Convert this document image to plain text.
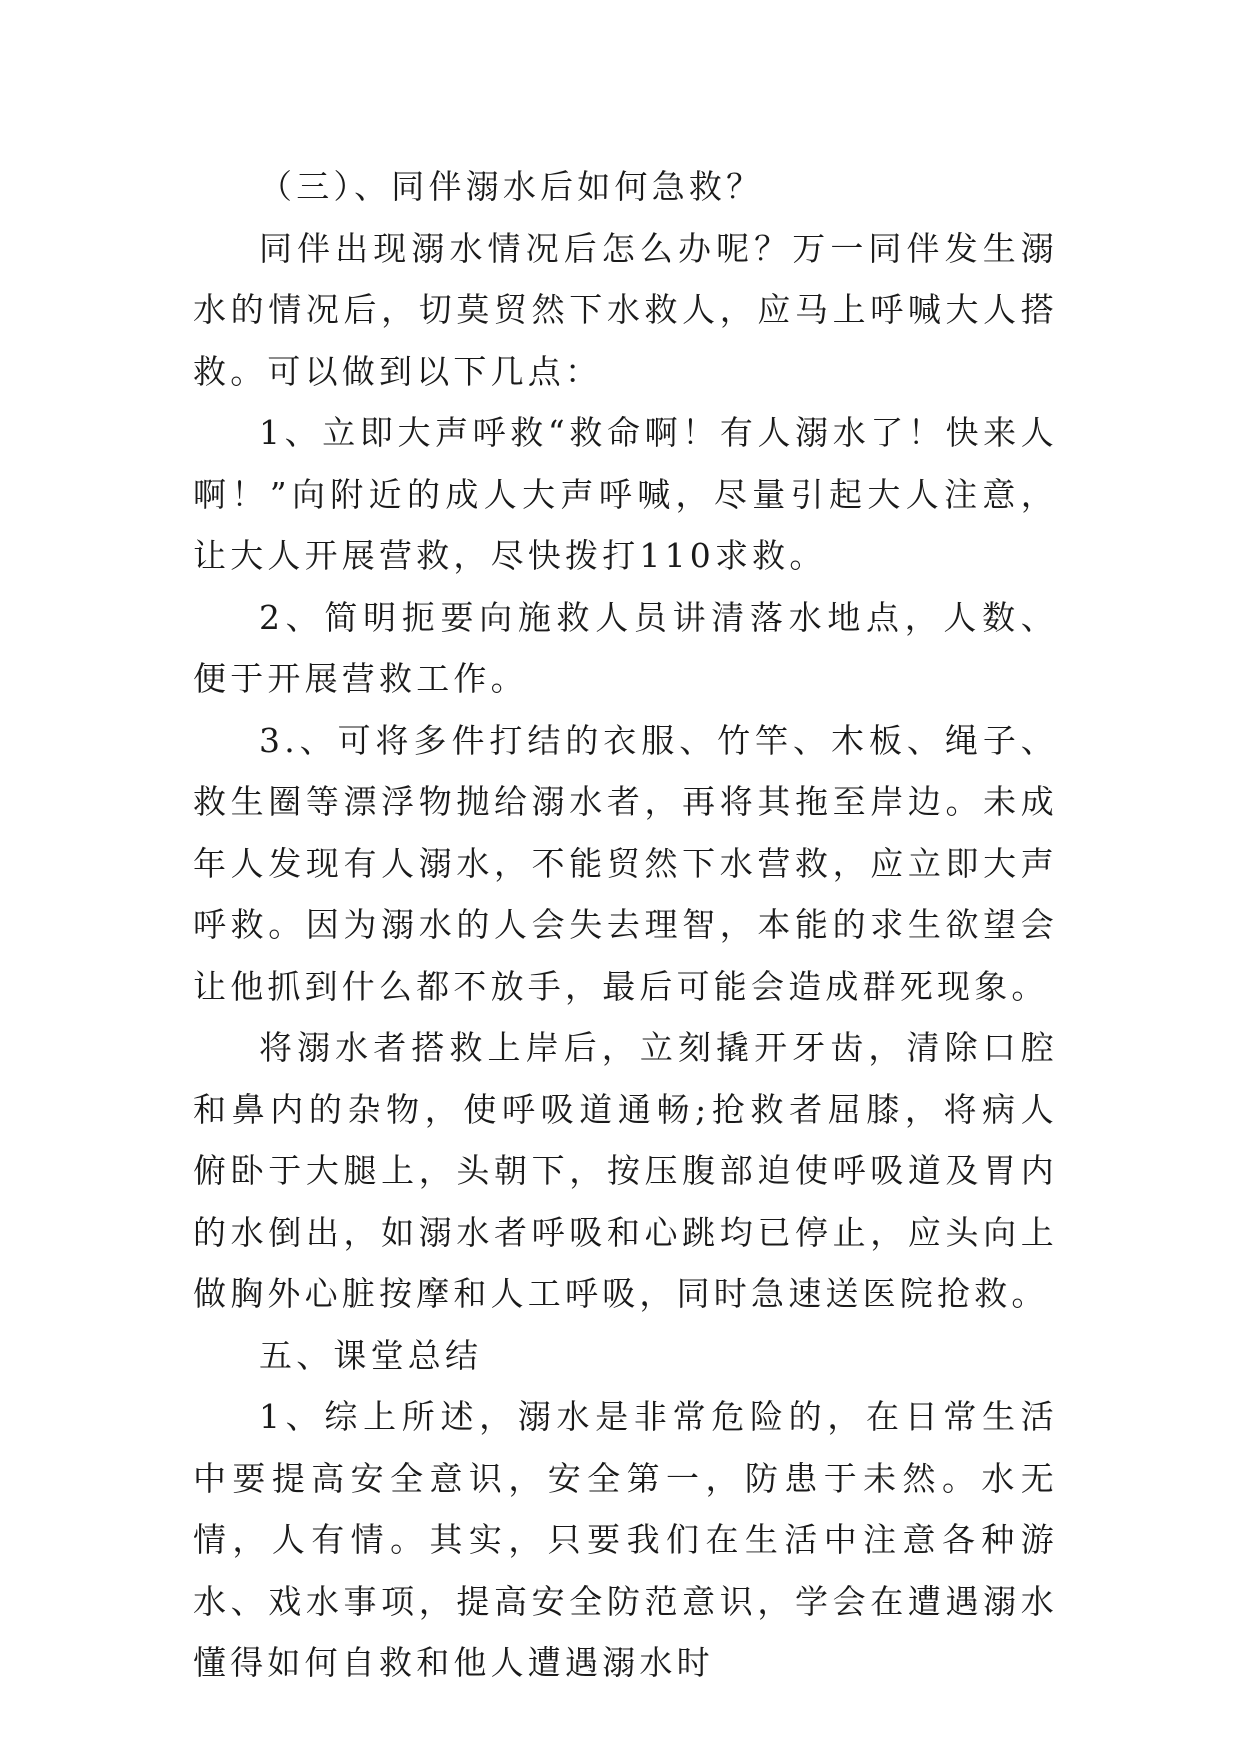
（三）、同伴溺水后如何急救？

同伴出现溺水情况后怎么办呢？万一同伴发生溺水的情况后，切莫贸然下水救人，应马上呼喊大人搭救。可以做到以下几点：

1、立即大声呼救“救命啊！有人溺水了！快来人啊！”向附近的成人大声呼喊，尽量引起大人注意，让大人开展营救，尽快拨打110求救。

2、简明扼要向施救人员讲清落水地点，人数、便于开展营救工作。

3.、可将多件打结的衣服、竹竿、木板、绳子、救生圈等漂浮物抛给溺水者，再将其拖至岸边。未成年人发现有人溺水，不能贸然下水营救，应立即大声呼救。因为溺水的人会失去理智，本能的求生欲望会让他抓到什么都不放手，最后可能会造成群死现象。

将溺水者搭救上岸后，立刻撬开牙齿，清除口腔和鼻内的杂物，使呼吸道通畅;抢救者屈膝，将病人俯卧于大腿上，头朝下，按压腹部迫使呼吸道及胃内的水倒出，如溺水者呼吸和心跳均已停止，应头向上做胸外心脏按摩和人工呼吸，同时急速送医院抢救。

五、课堂总结

1、综上所述，溺水是非常危险的，在日常生活中要提高安全意识，安全第一，防患于未然。水无情，人有情。其实，只要我们在生活中注意各种游水、戏水事项，提高安全防范意识，学会在遭遇溺水懂得如何自救和他人遭遇溺水时
